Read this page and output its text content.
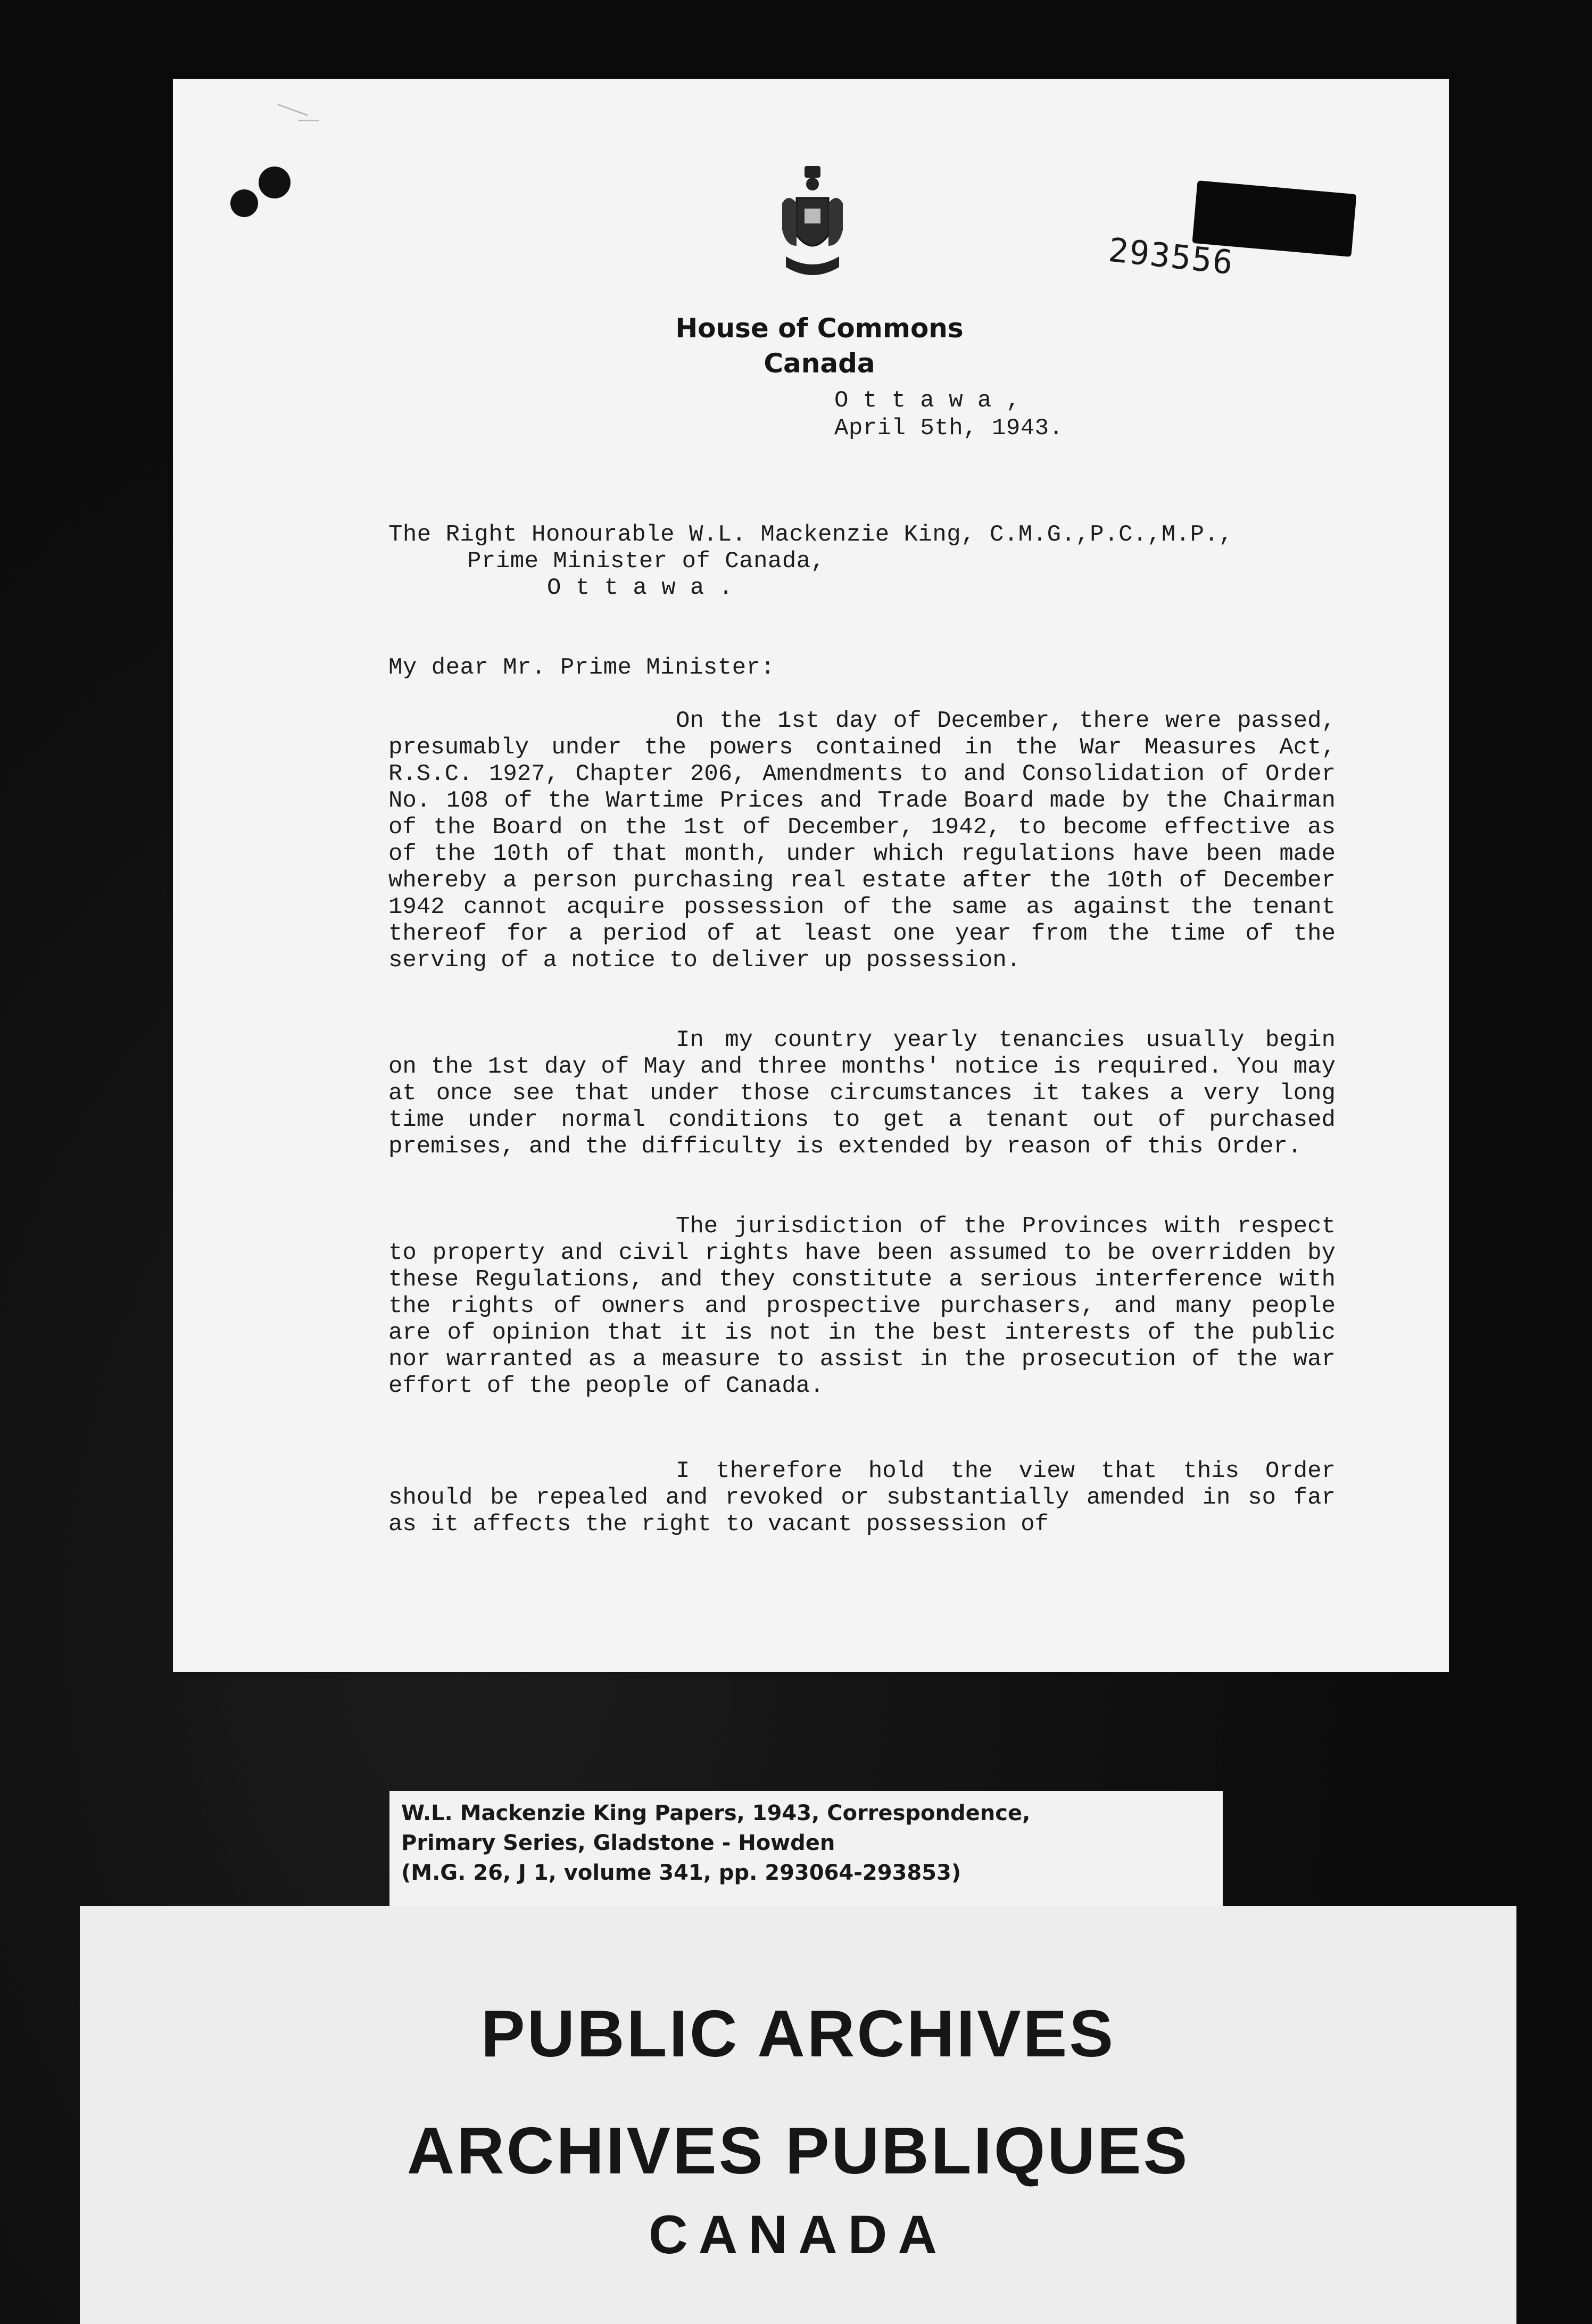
293556
House of Commons
Canada
O t t a w a ,
April 5th, 1943.
The Right Honourable W.L. Mackenzie King, C.M.G.,P.C.,M.P.,
Prime Minister of Canada,
O t t a w a .
My dear Mr. Prime Minister:
On the 1st day of December, there were passed, presumably under the powers contained in the War Measures Act, R.S.C. 1927, Chapter 206, Amendments to and Consolidation of Order No. 108 of the Wartime Prices and Trade Board made by the Chairman of the Board on the 1st of December, 1942, to become effective as of the 10th of that month, under which regulations have been made whereby a person purchasing real estate after the 10th of December 1942 cannot acquire possession of the same as against the tenant thereof for a period of at least one year from the time of the serving of a notice to deliver up possession.
In my country yearly tenancies usually begin on the 1st day of May and three months' notice is required. You may at once see that under those circumstances it takes a very long time under normal conditions to get a tenant out of purchased premises, and the difficulty is extended by reason of this Order.
The jurisdiction of the Provinces with respect to property and civil rights have been assumed to be overridden by these Regulations, and they constitute a serious interference with the rights of owners and prospective purchasers, and many people are of opinion that it is not in the best interests of the public nor warranted as a measure to assist in the prosecution of the war effort of the people of Canada.
I therefore hold the view that this Order should be repealed and revoked or substantially amended in so far as it affects the right to vacant possession of
W.L. Mackenzie King Papers, 1943, Correspondence,
Primary Series, Gladstone - Howden
(M.G. 26, J 1, volume 341, pp. 293064-293853)
PUBLIC ARCHIVES
ARCHIVES PUBLIQUES
CANADA
